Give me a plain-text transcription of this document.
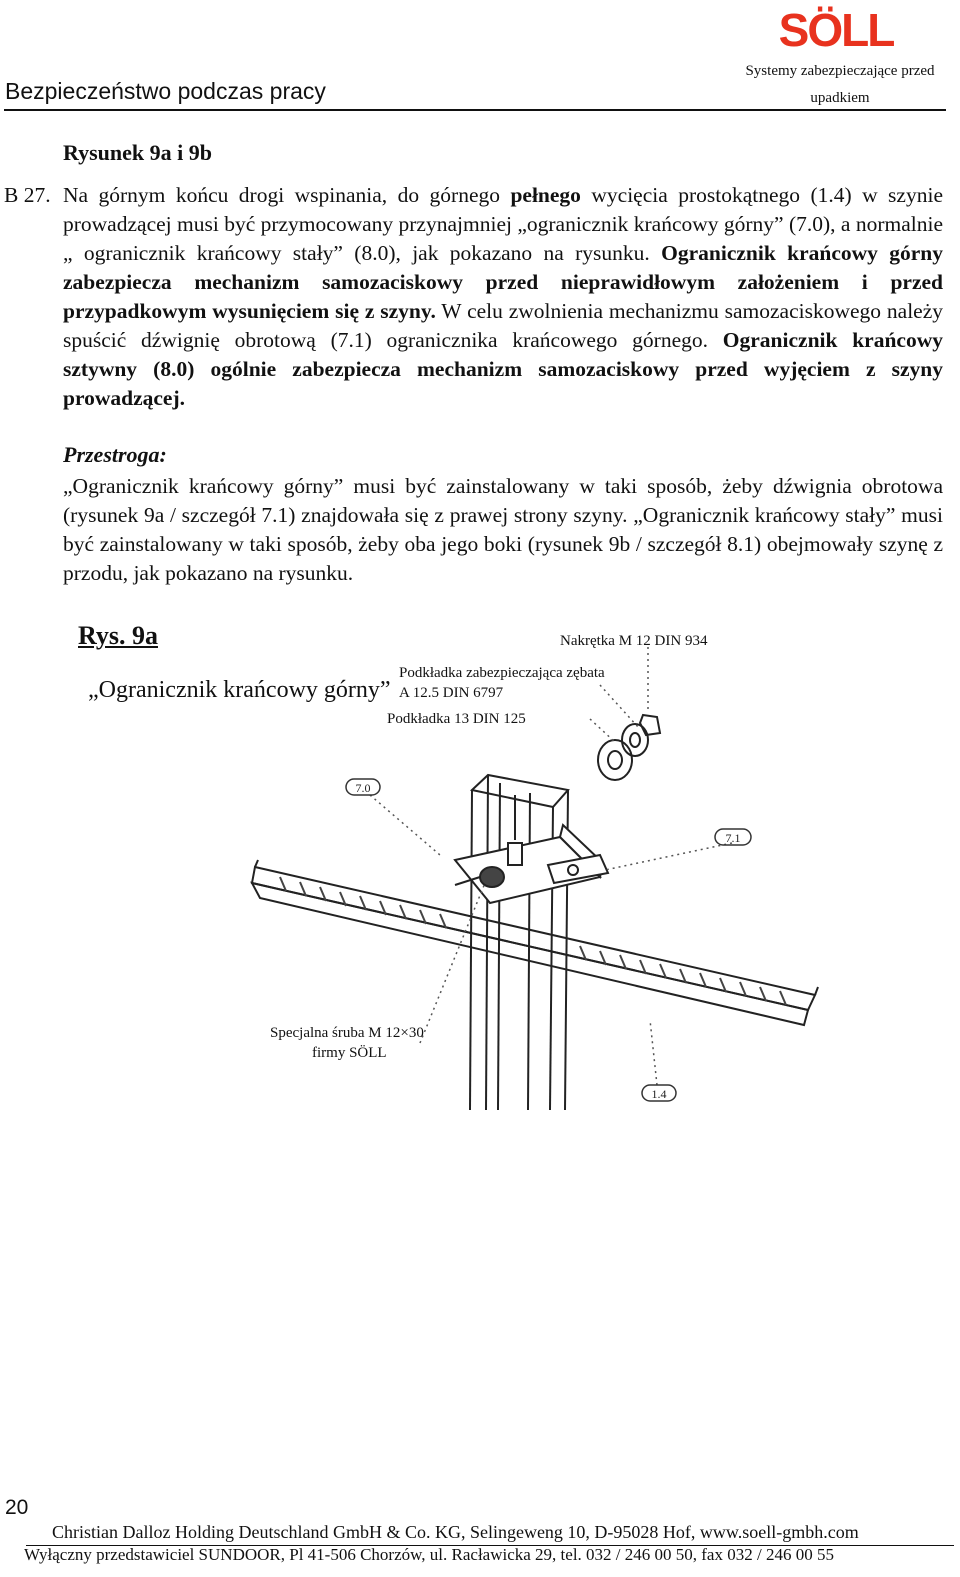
Bezpieczeństwo podczas pracy
SÖLL
Systemy zabezpieczające przed
upadkiem
Rysunek 9a i 9b
B 27. Na górnym końcu drogi wspinania, do górnego pełnego wycięcia prostokątnego (1.4) w szynie prowadzącej musi być przymocowany przynajmniej „ogranicznik krańcowy górny” (7.0), a normalnie „ ogranicznik krańcowy stały” (8.0), jak pokazano na rysunku. Ogranicznik krańcowy górny zabezpiecza mechanizm samozaciskowy przed nieprawidłowym założeniem i przed przypadkowym wysunięciem się z szyny. W celu zwolnienia mechanizmu samozaciskowego należy spuścić dźwignię obrotową (7.1) ogranicznika krańcowego górnego. Ogranicznik krańcowy sztywny (8.0) ogólnie zabezpiecza mechanizm samozaciskowy przed wyjęciem z szyny prowadzącej.
Przestroga:
„Ogranicznik krańcowy górny” musi być zainstalowany w taki sposób, żeby dźwignia obrotowa (rysunek 9a / szczegół 7.1) znajdowała się z prawej strony szyny. „Ogranicznik krańcowy stały” musi być zainstalowany w taki sposób, żeby oba jego boki (rysunek 9b / szczegół 8.1) obejmowały szynę z przodu, jak pokazano na rysunku.
7.0
7.1
1.4
Rys. 9a
„Ogranicznik krańcowy górny”
Nakrętka M 12 DIN 934
Podkładka zabezpieczająca zębata
A 12.5 DIN 6797
Podkładka 13 DIN 125
Specjalna śruba M 12×30
firmy SÖLL
20
Christian Dalloz Holding Deutschland GmbH & Co. KG, Selingeweng 10, D-95028 Hof, www.soell-gmbh.com
Wyłączny przedstawiciel SUNDOOR, Pl 41-506 Chorzów, ul. Racławicka 29, tel. 032 / 246 00 50, fax 032 / 246 00 55
